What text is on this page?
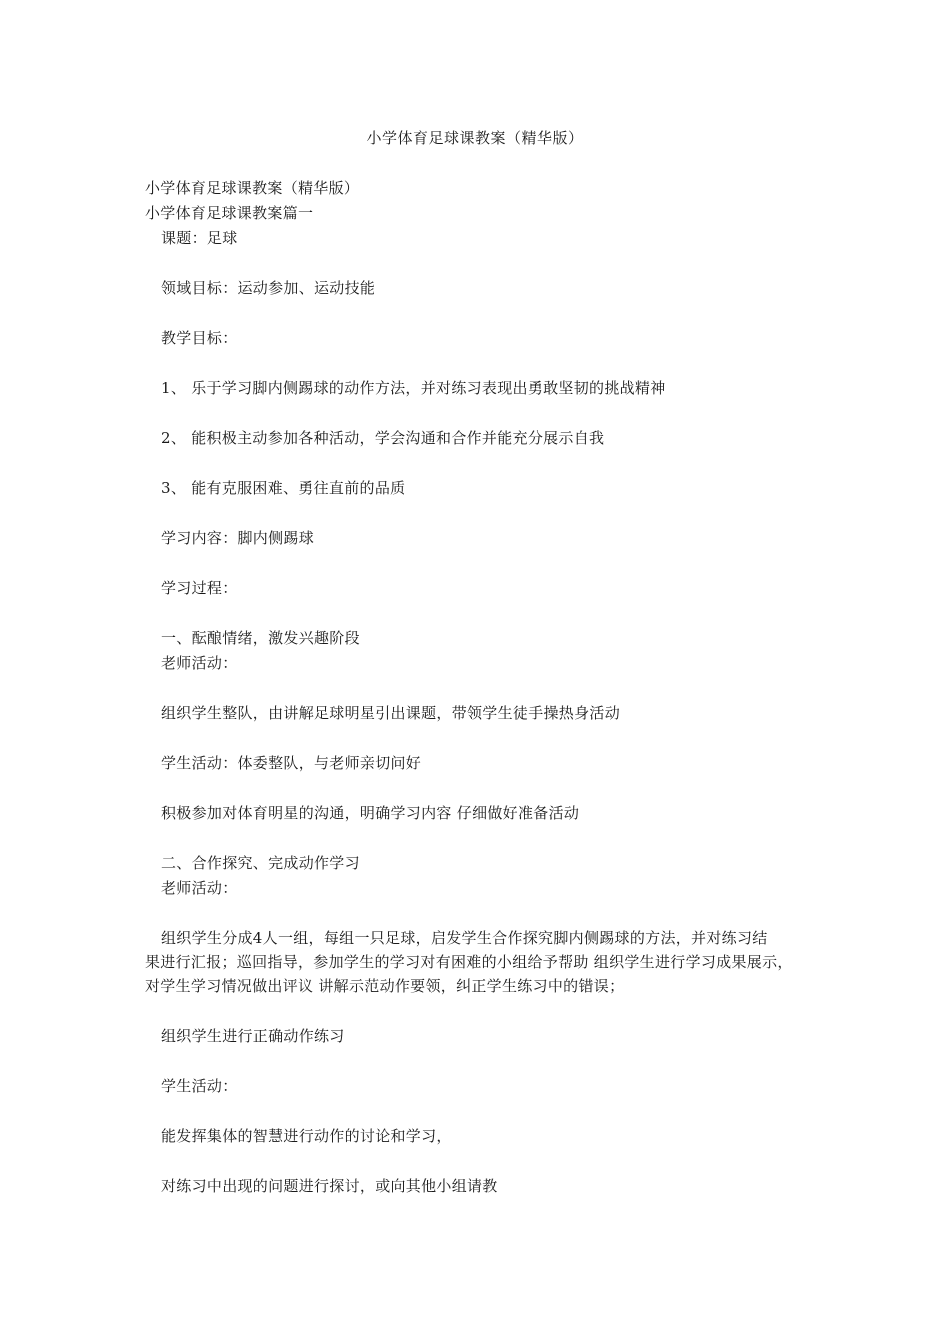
小学体育足球课教案（精华版）
小学体育足球课教案（精华版）
小学体育足球课教案篇一
课题：足球
领域目标：运动参加、运动技能
教学目标：
1、 乐于学习脚内侧踢球的动作方法，并对练习表现出勇敢坚韧的挑战精神
2、 能积极主动参加各种活动，学会沟通和合作并能充分展示自我
3、 能有克服困难、勇往直前的品质
学习内容：脚内侧踢球
学习过程：
一、酝酿情绪，激发兴趣阶段
老师活动：
组织学生整队，由讲解足球明星引出课题，带领学生徒手操热身活动
学生活动：体委整队，与老师亲切问好
积极参加对体育明星的沟通，明确学习内容 仔细做好准备活动
二、合作探究、完成动作学习
老师活动：
组织学生分成4人一组，每组一只足球，启发学生合作探究脚内侧踢球的方法，并对练习结
果进行汇报；巡回指导，参加学生的学习对有困难的小组给予帮助 组织学生进行学习成果展示，
对学生学习情况做出评议 讲解示范动作要领，纠正学生练习中的错误；
组织学生进行正确动作练习
学生活动：
能发挥集体的智慧进行动作的讨论和学习，
对练习中出现的问题进行探讨，或向其他小组请教
